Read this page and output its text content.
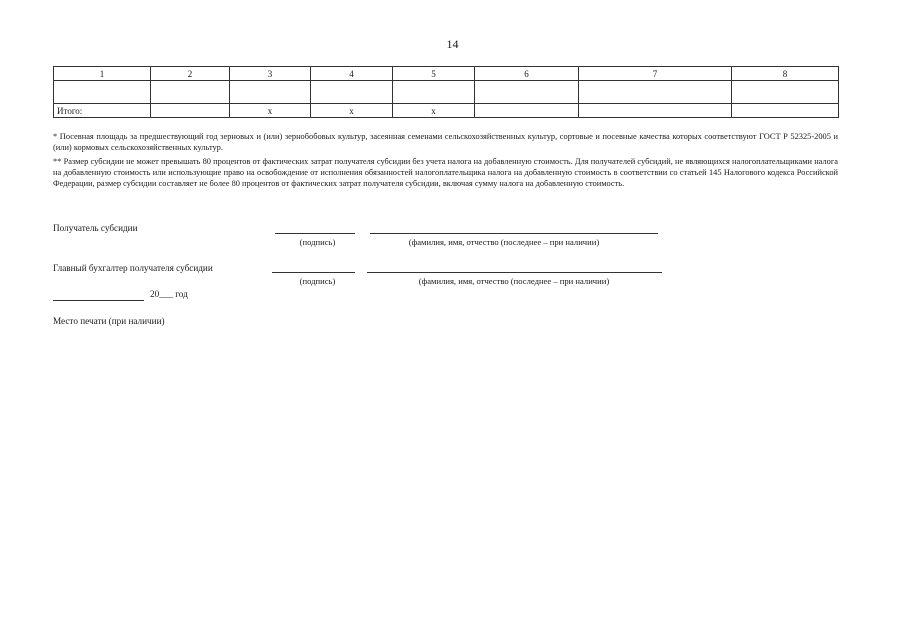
14
1	2	3	4	5	6	7	8

Итого:		х	х	х			
* Посевная площадь за предшествующий год зерновых и (или) зернобобовых культур, засеянная семенами сельскохозяйственных культур, сортовые и посевные качества которых соответствуют ГОСТ Р 52325-2005 и (или) кормовых сельскохозяйственных культур.
** Размер субсидии не может превышать 80 процентов от фактических затрат получателя субсидии без учета налога на добавленную стоимость. Для получателей субсидий, не являющихся налогоплательщиками налога на добавленную стоимость или использующие право на освобождение от исполнения обязанностей налогоплательщика налога на добавленную стоимость в соответствии со статьей 145 Налогового кодекса Российской Федерации, размер субсидии составляет не более 80 процентов от фактических затрат получателя субсидии, включая сумму налога на добавленную стоимость.
Получатель субсидии
(подпись)	(фамилия, имя, отчество (последнее – при наличии)
Главный бухгалтер получателя субсидии
(подпись)	(фамилия, имя, отчество (последнее – при наличии)
20___ год
Место печати (при наличии)
